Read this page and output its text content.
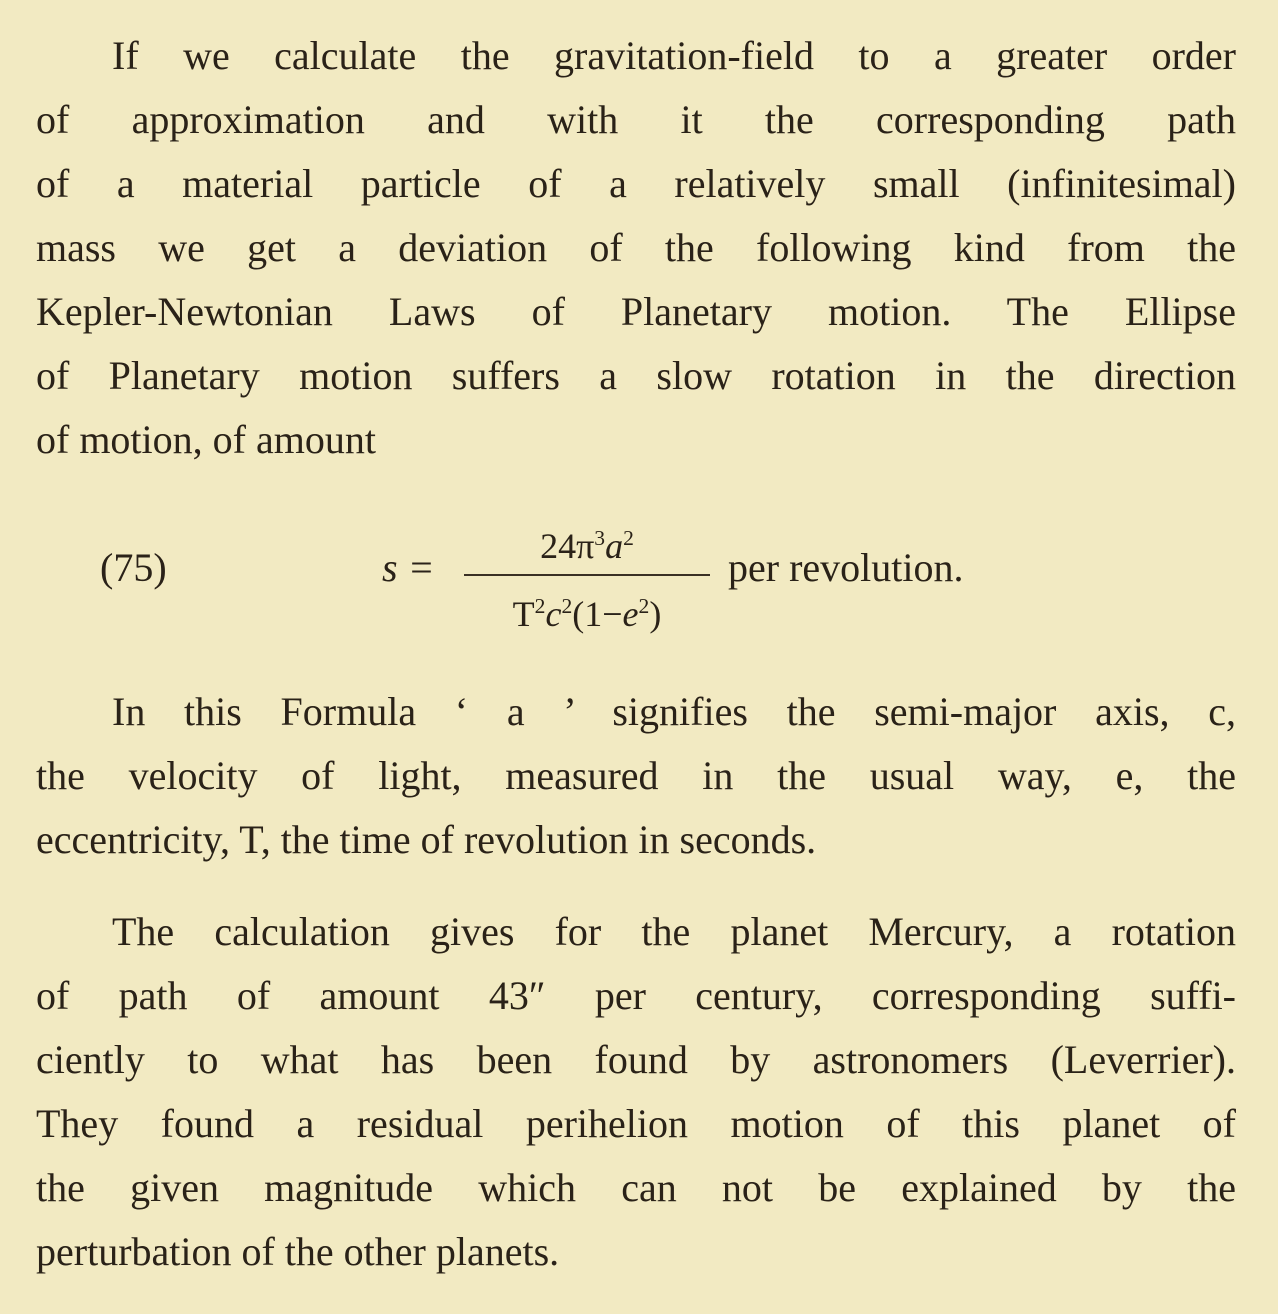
If we calculate the gravitation-field to a greater order
of approximation and with it the corresponding path
of a material particle of a relatively small (infinitesimal)
mass we get a deviation of the following kind from the
Kepler-Newtonian Laws of Planetary motion. The Ellipse
of Planetary motion suffers a slow rotation in the direction
of motion, of amount
(75)	s =	$24\pi^3a^2$
$T^2c^2(1-e^2)$
per revolution.
In this Formula ‘ a ’ signifies the semi-major axis, c,
the velocity of light, measured in the usual way, e, the
eccentricity, T, the time of revolution in seconds.
The calculation gives for the planet Mercury, a rotation
of path of amount 43″ per century, corresponding suffi-
ciently to what has been found by astronomers (Leverrier).
They found a residual perihelion motion of this planet of
the given magnitude which can not be explained by the
perturbation of the other planets.
